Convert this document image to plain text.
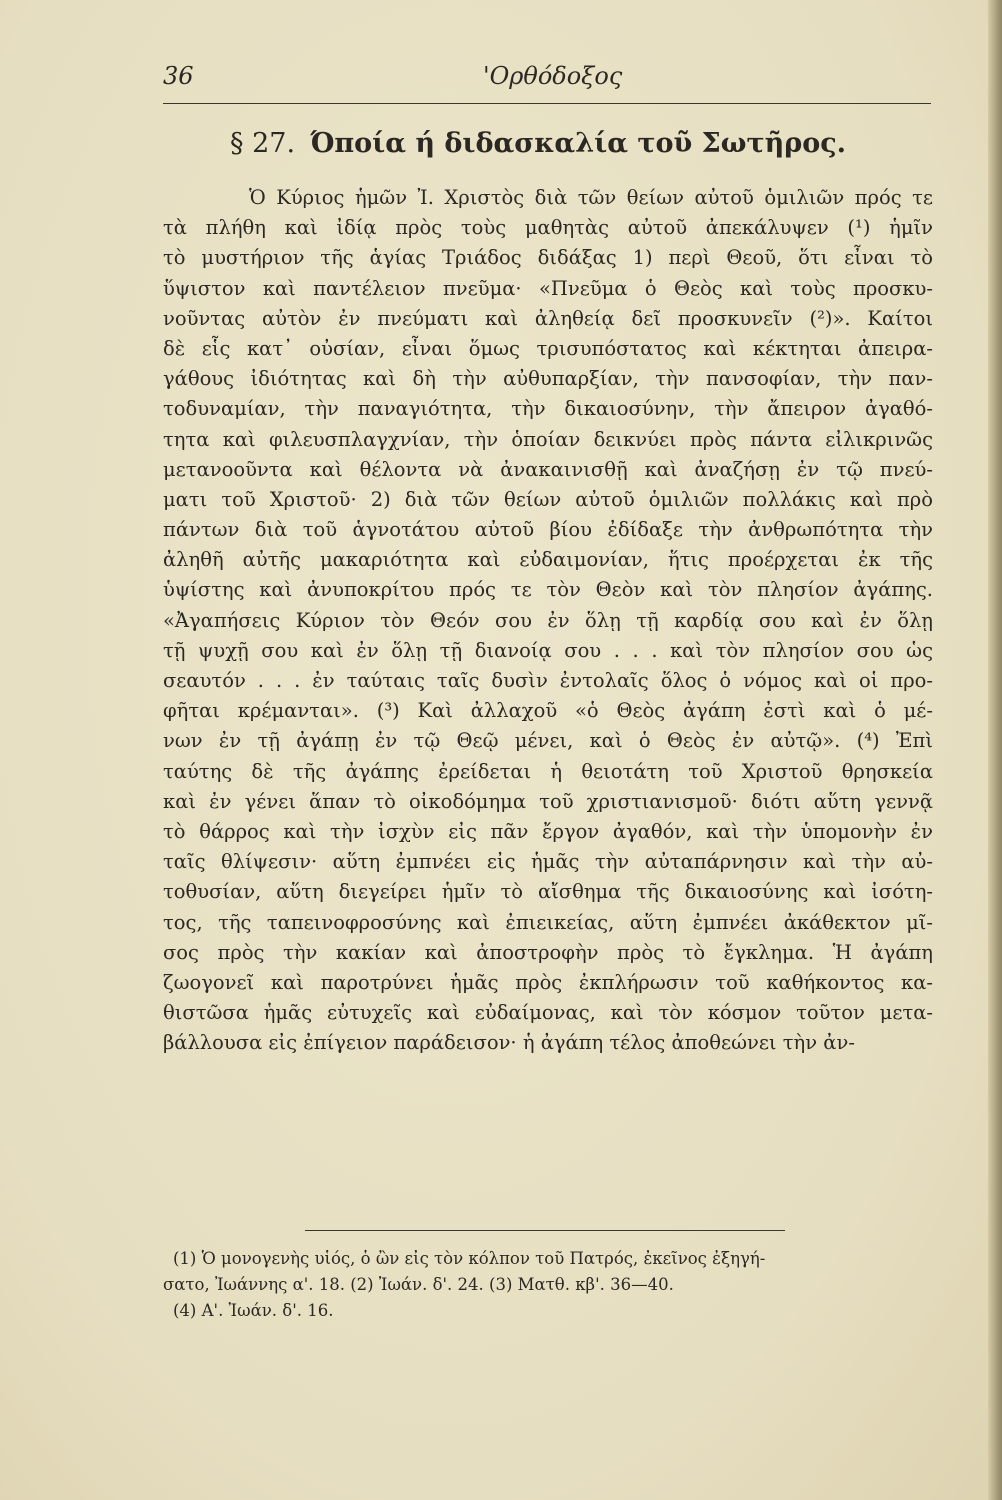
36	'Ορθόδοξος
§ 27. Όποία ή διδασκαλία τοῦ Σωτῆρος.
Ὁ Κύριος ἡμῶν Ἰ. Χριστὸς διὰ τῶν θείων αὐτοῦ ὁμιλιῶν πρός τε
τὰ πλήθη καὶ ἰδίᾳ πρὸς τοὺς μαθητὰς αὐτοῦ ἀπεκάλυψεν (¹) ἡμῖν
τὸ μυστήριον τῆς ἁγίας Τριάδος διδάξας 1) περὶ Θεοῦ, ὅτι εἶναι τὸ
ὕψιστον καὶ παντέλειον πνεῦμα· «Πνεῦμα ὁ Θεὸς καὶ τοὺς προσκυ-
νοῦντας αὐτὸν ἐν πνεύματι καὶ ἀληθείᾳ δεῖ προσκυνεῖν (²)». Καίτοι
δὲ εἷς κατ᾽ οὐσίαν, εἶναι ὅμως τρισυπόστατος καὶ κέκτηται ἀπειρα-
γάθους ἰδιότητας καὶ δὴ τὴν αὐθυπαρξίαν, τὴν πανσοφίαν, τὴν παν-
τοδυναμίαν, τὴν παναγιότητα, τὴν δικαιοσύνην, τὴν ἄπειρον ἀγαθό-
τητα καὶ φιλευσπλαγχνίαν, τὴν ὁποίαν δεικνύει πρὸς πάντα εἰλικρινῶς
μετανοοῦντα καὶ θέλοντα νὰ ἀνακαινισθῇ καὶ ἀναζήσῃ ἐν τῷ πνεύ-
ματι τοῦ Χριστοῦ· 2) διὰ τῶν θείων αὐτοῦ ὁμιλιῶν πολλάκις καὶ πρὸ
πάντων διὰ τοῦ ἁγνοτάτου αὐτοῦ βίου ἐδίδαξε τὴν ἀνθρωπότητα τὴν
ἀληθῆ αὐτῆς μακαριότητα καὶ εὐδαιμονίαν, ἥτις προέρχεται ἐκ τῆς
ὑψίστης καὶ ἀνυποκρίτου πρός τε τὸν Θεὸν καὶ τὸν πλησίον ἀγάπης.
«Ἀγαπήσεις Κύριον τὸν Θεόν σου ἐν ὅλῃ τῇ καρδίᾳ σου καὶ ἐν ὅλῃ
τῇ ψυχῇ σου καὶ ἐν ὅλῃ τῇ διανοίᾳ σου . . . καὶ τὸν πλησίον σου ὡς
σεαυτόν . . . ἐν ταύταις ταῖς δυσὶν ἐντολαῖς ὅλος ὁ νόμος καὶ οἱ προ-
φῆται κρέμανται». (³) Καὶ ἀλλαχοῦ «ὁ Θεὸς ἀγάπη ἐστὶ καὶ ὁ μέ-
νων ἐν τῇ ἀγάπῃ ἐν τῷ Θεῷ μένει, καὶ ὁ Θεὸς ἐν αὐτῷ». (⁴) Ἐπὶ
ταύτης δὲ τῆς ἀγάπης ἐρείδεται ἡ θειοτάτη τοῦ Χριστοῦ θρησκεία
καὶ ἐν γένει ἅπαν τὸ οἰκοδόμημα τοῦ χριστιανισμοῦ· διότι αὕτη γεννᾷ
τὸ θάρρος καὶ τὴν ἰσχὺν εἰς πᾶν ἔργον ἀγαθόν, καὶ τὴν ὑπομονὴν ἐν
ταῖς θλίψεσιν· αὕτη ἐμπνέει εἰς ἡμᾶς τὴν αὐταπάρνησιν καὶ τὴν αὐ-
τοθυσίαν, αὕτη διεγείρει ἡμῖν τὸ αἴσθημα τῆς δικαιοσύνης καὶ ἰσότη-
τος, τῆς ταπεινοφροσύνης καὶ ἐπιεικείας, αὕτη ἐμπνέει ἀκάθεκτον μῖ-
σος πρὸς τὴν κακίαν καὶ ἀποστροφὴν πρὸς τὸ ἔγκλημα. Ἡ ἀγάπη
ζωογονεῖ καὶ παροτρύνει ἡμᾶς πρὸς ἐκπλήρωσιν τοῦ καθήκοντος κα-
θιστῶσα ἡμᾶς εὐτυχεῖς καὶ εὐδαίμονας, καὶ τὸν κόσμον τοῦτον μετα-
βάλλουσα εἰς ἐπίγειον παράδεισον· ἡ ἀγάπη τέλος ἀποθεώνει τὴν ἀν-
(1) Ὁ μονογενὴς υἱός, ὁ ὢν εἰς τὸν κόλπον τοῦ Πατρός, ἐκεῖνος ἐξηγή-
σατο, Ἰωάννης α'. 18. (2) Ἰωάν. δ'. 24. (3) Ματθ. κβ'. 36—40.
(4) Α'. Ἰωάν. δ'. 16.
